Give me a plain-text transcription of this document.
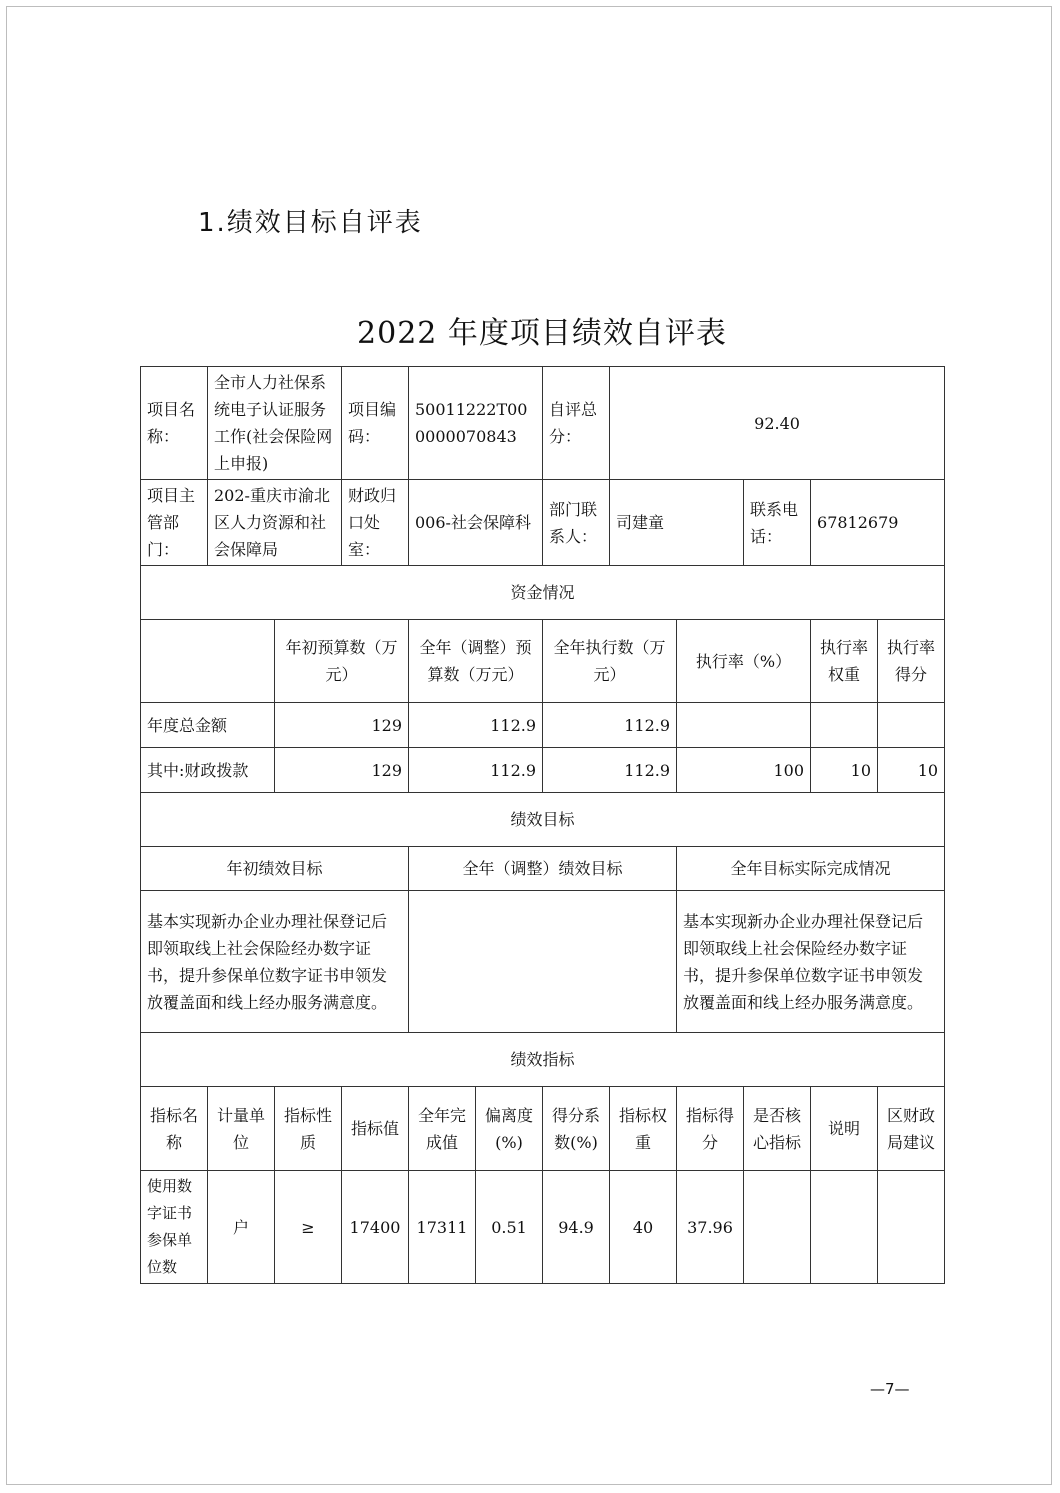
1.绩效目标自评表
2022 年度项目绩效自评表
项目名称：	全市人力社保系统电子认证服务工作(社会保险网上申报)		项目编码：	50011222T000000070843		自评总分：	92.40				
项目主管部门：	202-重庆市渝北区人力资源和社会保障局		财政归口处室：	006-社会保障科		部门联系人：	司建童		联系电话：	67812679	
资金情况											
		年初预算数（万元）		全年（调整）预算数（万元）		全年执行数（万元）		执行率（%）		执行率权重	执行率得分
年度总金额		129		112.9		112.9					
其中:财政拨款		129		112.9		112.9		100		10	10
绩效目标											
年初绩效目标				全年（调整）绩效目标				全年目标实际完成情况			
基本实现新办企业办理社保登记后即领取线上社会保险经办数字证书，提升参保单位数字证书申领发放覆盖面和线上经办服务满意度。								基本实现新办企业办理社保登记后即领取线上社会保险经办数字证书，提升参保单位数字证书申领发放覆盖面和线上经办服务满意度。			
绩效指标											
指标名称	计量单位	指标性质	指标值	全年完成值	偏离度(%)	得分系数(%)	指标权重	指标得分	是否核心指标	说明	区财政局建议
使用数字证书参保单位数	户	≥	17400	17311	0.51	94.9	40	37.96			
—7—
